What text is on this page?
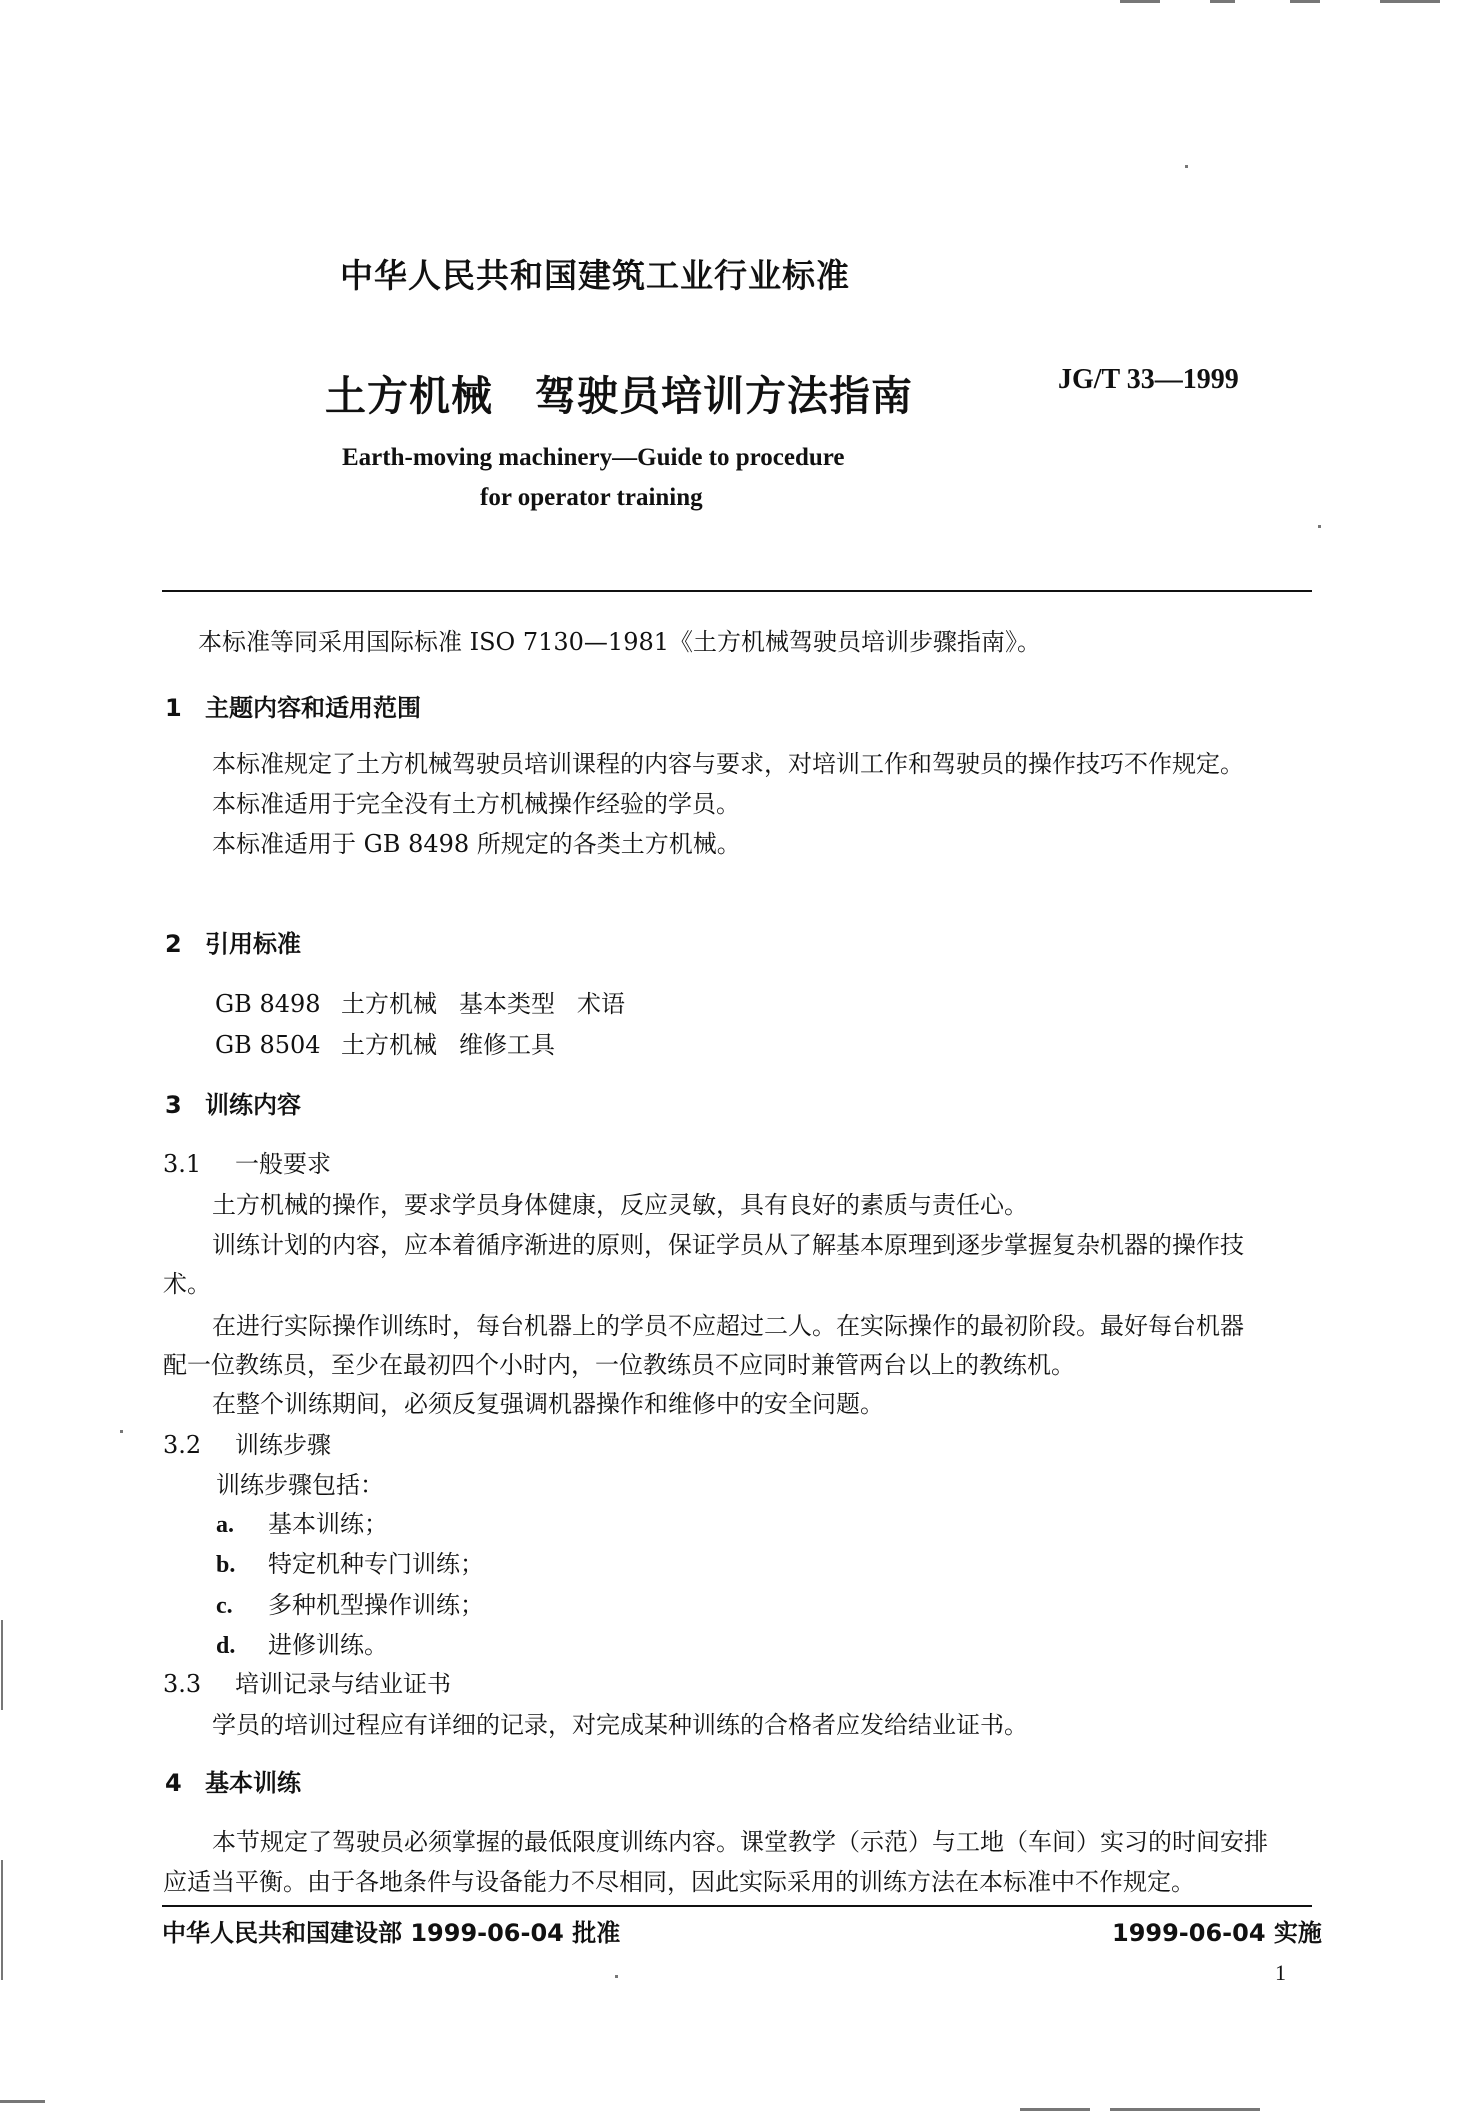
中华人民共和国建筑工业行业标准
土方机械　驾驶员培训方法指南	JG/T 33—1999
Earth-moving machinery—Guide to procedure
for operator training
本标准等同采用国际标准 ISO 7130—1981《土方机械驾驶员培训步骤指南》。
1 主题内容和适用范围
本标准规定了土方机械驾驶员培训课程的内容与要求，对培训工作和驾驶员的操作技巧不作规定。
本标准适用于完全没有土方机械操作经验的学员。
本标准适用于 GB 8498 所规定的各类土方机械。
2 引用标准
GB 8498 土方机械 基本类型 术语
GB 8504 土方机械 维修工具
3 训练内容
3.1 一般要求
土方机械的操作，要求学员身体健康，反应灵敏，具有良好的素质与责任心。
训练计划的内容，应本着循序渐进的原则，保证学员从了解基本原理到逐步掌握复杂机器的操作技
术。
在进行实际操作训练时，每台机器上的学员不应超过二人。在实际操作的最初阶段。最好每台机器
配一位教练员，至少在最初四个小时内，一位教练员不应同时兼管两台以上的教练机。
在整个训练期间，必须反复强调机器操作和维修中的安全问题。
3.2 训练步骤
训练步骤包括：
a. 基本训练；
b. 特定机种专门训练；
c. 多种机型操作训练；
d. 进修训练。
3.3 培训记录与结业证书
学员的培训过程应有详细的记录，对完成某种训练的合格者应发给结业证书。
4 基本训练
本节规定了驾驶员必须掌握的最低限度训练内容。课堂教学（示范）与工地（车间）实习的时间安排
应适当平衡。由于各地条件与设备能力不尽相同，因此实际采用的训练方法在本标准中不作规定。
中华人民共和国建设部 1999-06-04 批准	1999-06-04 实施
1
